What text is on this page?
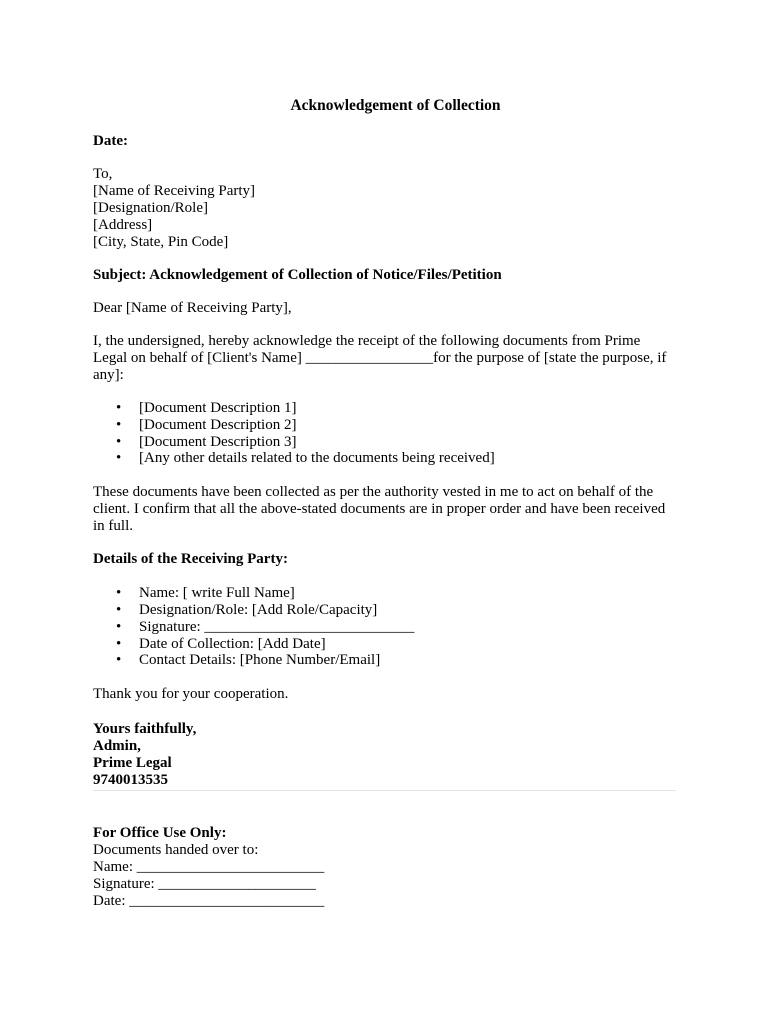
Acknowledgement of Collection

Date:

To,

[Name of Receiving Party]

[Designation/Role]

[Address]

[City, State, Pin Code]

Subject: Acknowledgement of Collection of Notice/Files/Petition

Dear [Name of Receiving Party],

I, the undersigned, hereby acknowledge the receipt of the following documents from Prime Legal on behalf of [Client's Name] _________________for the purpose of [state the purpose, if any]:

• [Document Description 1]
• [Document Description 2]
• [Document Description 3]
• [Any other details related to the documents being received]

These documents have been collected as per the authority vested in me to act on behalf of the client. I confirm that all the above-stated documents are in proper order and have been received in full.

Details of the Receiving Party:

• Name: [ write Full Name]
• Designation/Role: [Add Role/Capacity]
• Signature: ____________________________
• Date of Collection: [Add Date]
• Contact Details: [Phone Number/Email]

Thank you for your cooperation.

Yours faithfully,

Admin,

Prime Legal

9740013535

For Office Use Only:

Documents handed over to:

Name: _________________________

Signature: _____________________

Date: __________________________
